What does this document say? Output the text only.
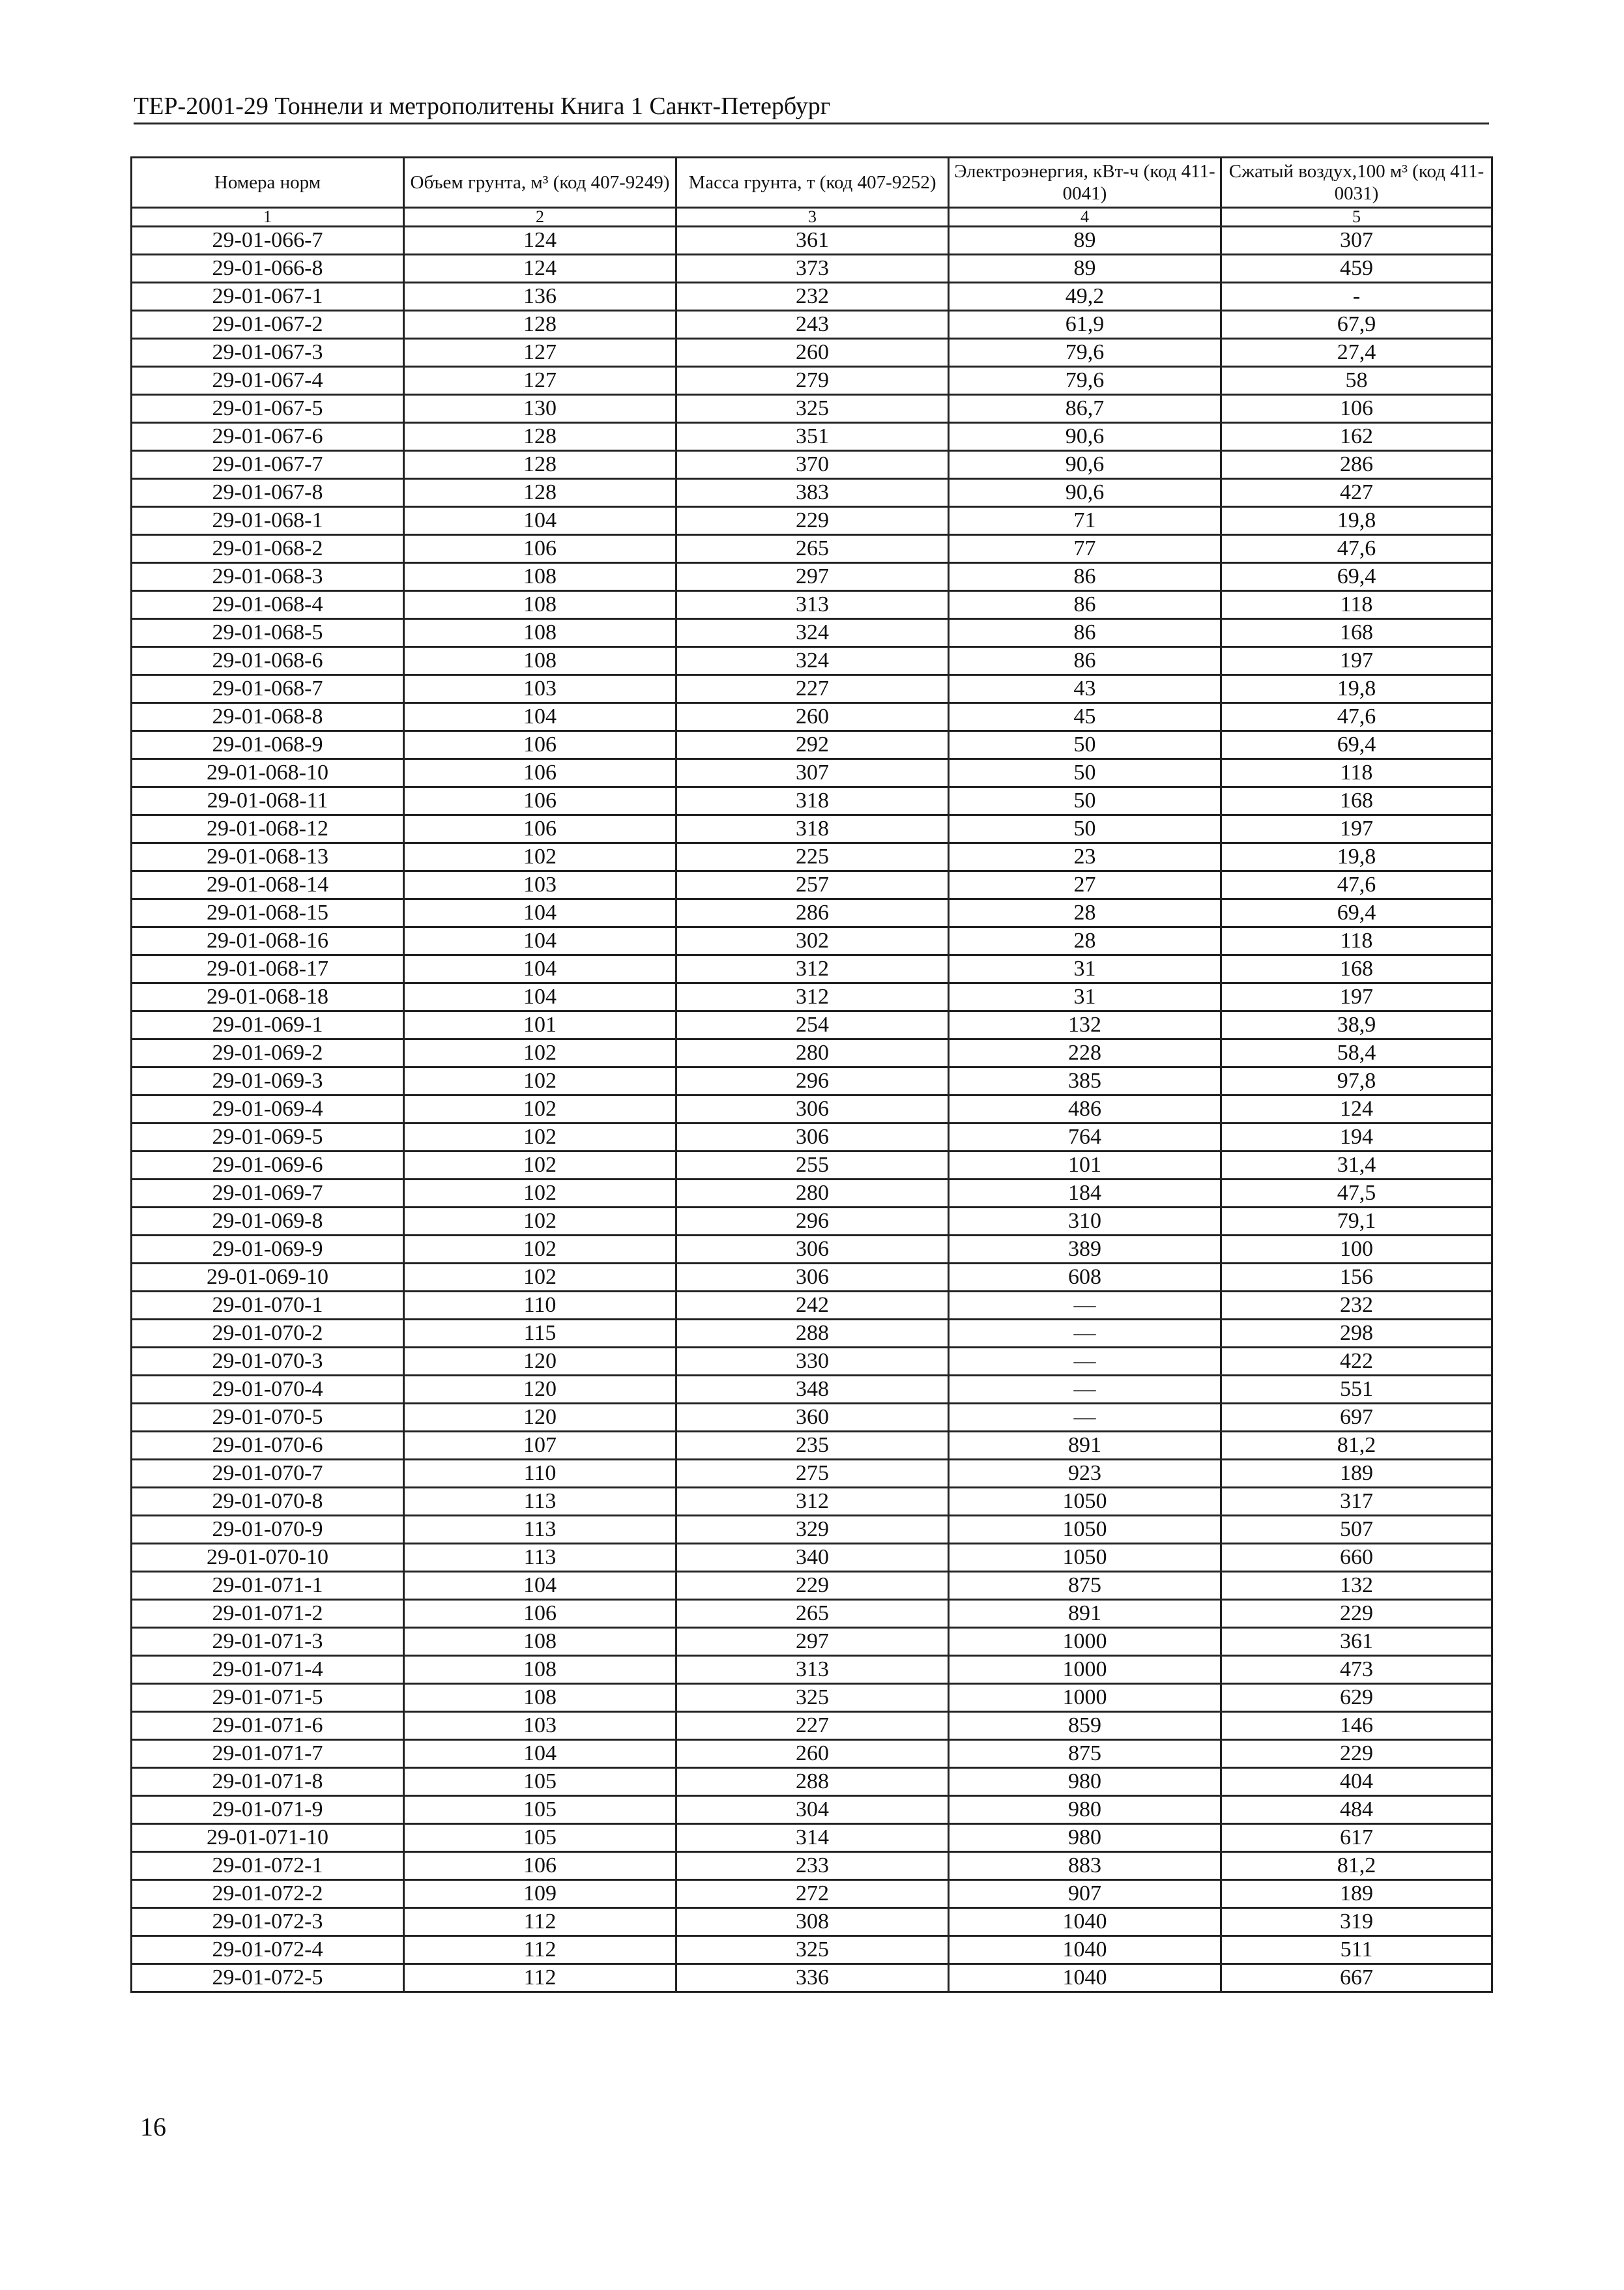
ТЕР-2001-29 Тоннели и метрополитены Книга 1 Санкт-Петербург
Номера норм	Объем грунта, м³ (код 407-9249)	Масса грунта, т (код 407-9252)	Электроэнергия, кВт-ч (код 411-0041)	Сжатый воздух,100 м³ (код 411-0031)
1	2	3	4	5
29-01-066-7	124	361	89	307
29-01-066-8	124	373	89	459
29-01-067-1	136	232	49,2	-
29-01-067-2	128	243	61,9	67,9
29-01-067-3	127	260	79,6	27,4
29-01-067-4	127	279	79,6	58
29-01-067-5	130	325	86,7	106
29-01-067-6	128	351	90,6	162
29-01-067-7	128	370	90,6	286
29-01-067-8	128	383	90,6	427
29-01-068-1	104	229	71	19,8
29-01-068-2	106	265	77	47,6
29-01-068-3	108	297	86	69,4
29-01-068-4	108	313	86	118
29-01-068-5	108	324	86	168
29-01-068-6	108	324	86	197
29-01-068-7	103	227	43	19,8
29-01-068-8	104	260	45	47,6
29-01-068-9	106	292	50	69,4
29-01-068-10	106	307	50	118
29-01-068-11	106	318	50	168
29-01-068-12	106	318	50	197
29-01-068-13	102	225	23	19,8
29-01-068-14	103	257	27	47,6
29-01-068-15	104	286	28	69,4
29-01-068-16	104	302	28	118
29-01-068-17	104	312	31	168
29-01-068-18	104	312	31	197
29-01-069-1	101	254	132	38,9
29-01-069-2	102	280	228	58,4
29-01-069-3	102	296	385	97,8
29-01-069-4	102	306	486	124
29-01-069-5	102	306	764	194
29-01-069-6	102	255	101	31,4
29-01-069-7	102	280	184	47,5
29-01-069-8	102	296	310	79,1
29-01-069-9	102	306	389	100
29-01-069-10	102	306	608	156
29-01-070-1	110	242	—	232
29-01-070-2	115	288	—	298
29-01-070-3	120	330	—	422
29-01-070-4	120	348	—	551
29-01-070-5	120	360	—	697
29-01-070-6	107	235	891	81,2
29-01-070-7	110	275	923	189
29-01-070-8	113	312	1050	317
29-01-070-9	113	329	1050	507
29-01-070-10	113	340	1050	660
29-01-071-1	104	229	875	132
29-01-071-2	106	265	891	229
29-01-071-3	108	297	1000	361
29-01-071-4	108	313	1000	473
29-01-071-5	108	325	1000	629
29-01-071-6	103	227	859	146
29-01-071-7	104	260	875	229
29-01-071-8	105	288	980	404
29-01-071-9	105	304	980	484
29-01-071-10	105	314	980	617
29-01-072-1	106	233	883	81,2
29-01-072-2	109	272	907	189
29-01-072-3	112	308	1040	319
29-01-072-4	112	325	1040	511
29-01-072-5	112	336	1040	667
16
